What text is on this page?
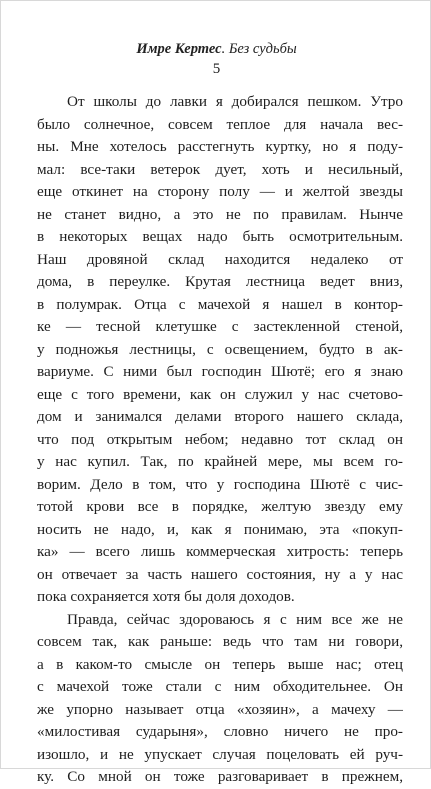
Имре Кертес. Без судьбы
5
От школы до лавки я добирался пешком. Утро
было солнечное, совсем теплое для начала вес-
ны. Мне хотелось расстегнуть куртку, но я поду-
мал: все-таки ветерок дует, хоть и несильный,
еще откинет на сторону полу — и желтой звезды
не станет видно, а это не по правилам. Нынче
в некоторых вещах надо быть осмотрительным.
Наш дровяной склад находится недалеко от
дома, в переулке. Крутая лестница ведет вниз,
в полумрак. Отца с мачехой я нашел в контор-
ке — тесной клетушке с застекленной стеной,
у подножья лестницы, с освещением, будто в ак-
вариуме. С ними был господин Шютё; его я знаю
еще с того времени, как он служил у нас счетово-
дом и занимался делами второго нашего склада,
что под открытым небом; недавно тот склад он
у нас купил. Так, по крайней мере, мы всем го-
ворим. Дело в том, что у господина Шютё с чис-
тотой крови все в порядке, желтую звезду ему
носить не надо, и, как я понимаю, эта «покуп-
ка» — всего лишь коммерческая хитрость: теперь
он отвечает за часть нашего состояния, ну а у нас
пока сохраняется хотя бы доля доходов.
Правда, сейчас здороваюсь я с ним все же не
совсем так, как раньше: ведь что там ни говори,
а в каком-то смысле он теперь выше нас; отец
с мачехой тоже стали с ним обходительнее. Он
же упорно называет отца «хозяин», а мачеху —
«милостивая сударыня», словно ничего не про-
изошло, и не упускает случая поцеловать ей руч-
ку. Со мной он тоже разговаривает в прежнем,
